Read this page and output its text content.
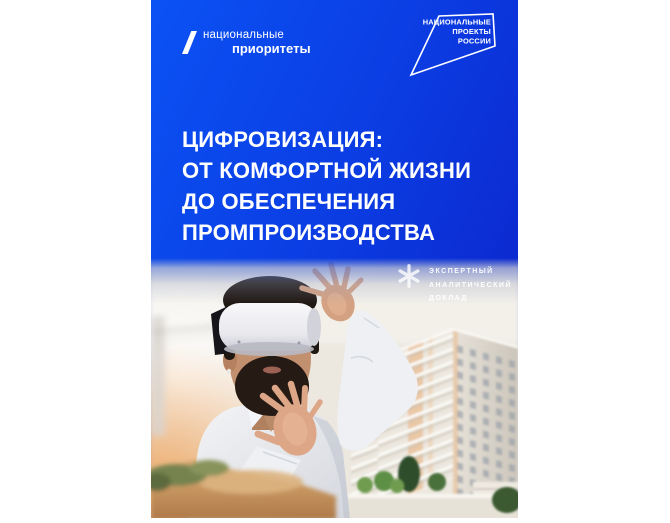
национальные
приоритеты
НАЦИОНАЛЬНЫЕ
ПРОЕКТЫ
РОССИИ
ЦИФРОВИЗАЦИЯ:
ОТ КОМФОРТНОЙ ЖИЗНИ
ДО ОБЕСПЕЧЕНИЯ
ПРОМПРОИЗВОДСТВА
ЭКСПЕРТНЫЙ
АНАЛИТИЧЕСКИЙ
ДОКЛАД
